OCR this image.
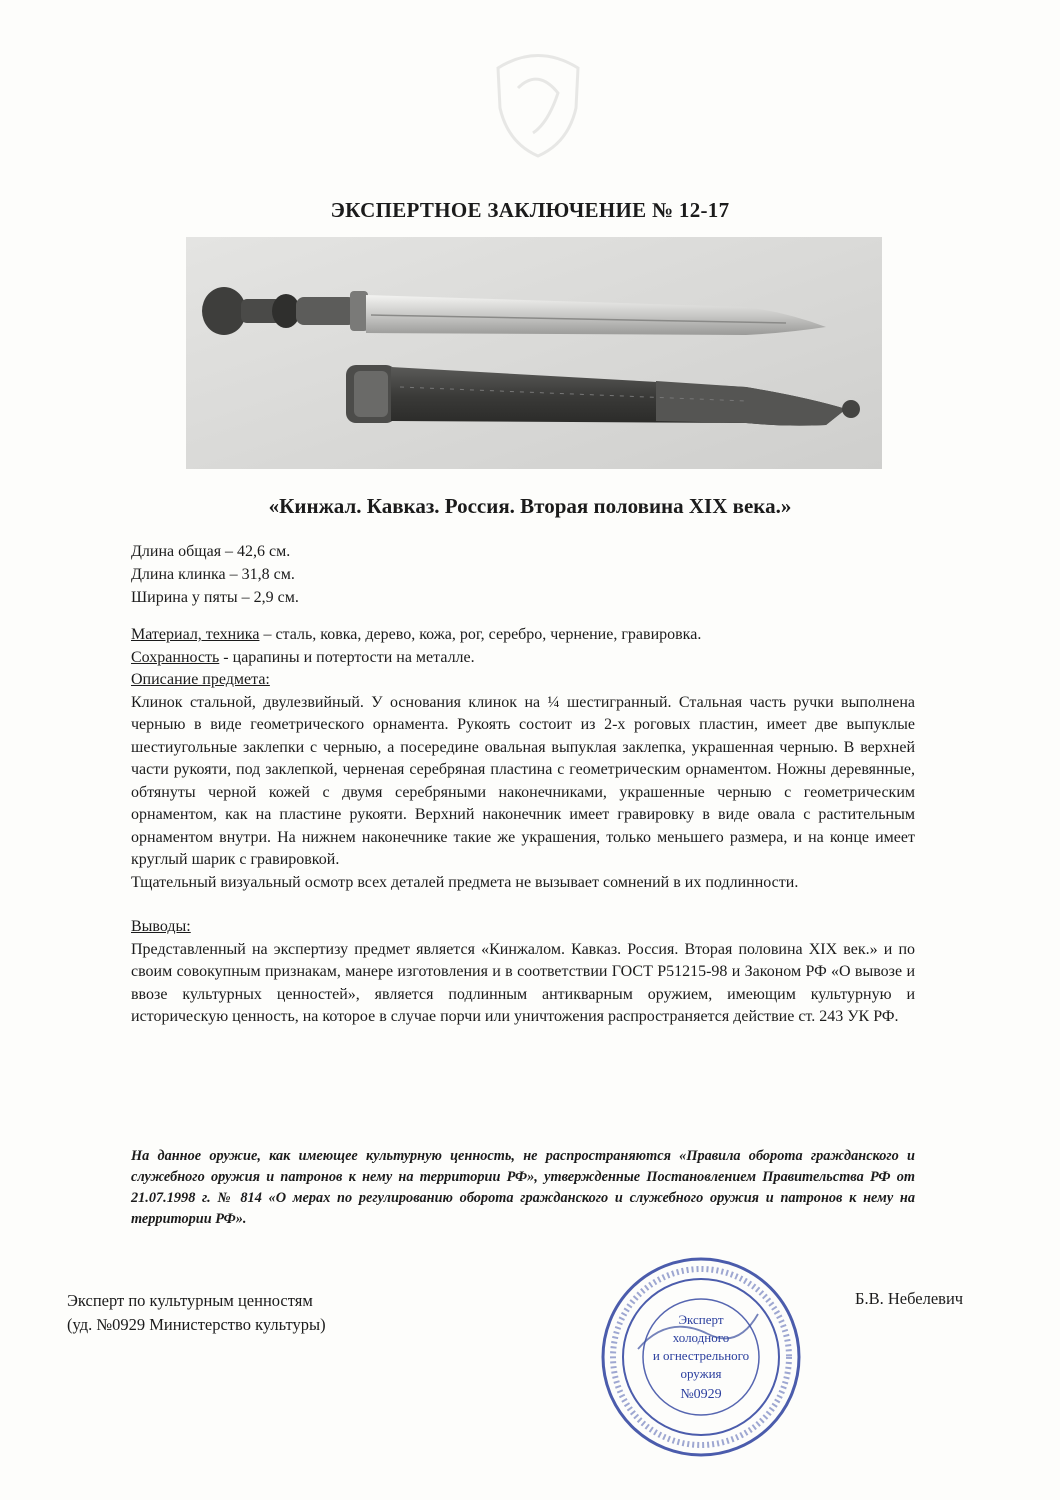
ЭКСПЕРТНОЕ ЗАКЛЮЧЕНИЕ № 12-17
«Кинжал. Кавказ. Россия. Вторая половина XIX века.»
Длина общая – 42,6 см.
Длина клинка – 31,8 см.
Ширина у пяты – 2,9 см.

Материал, техника – сталь, ковка, дерево, кожа, рог, серебро, чернение, гравировка.

Сохранность - царапины и потертости на металле.

Описание предмета:

Клинок стальной, двулезвийный. У основания клинок на ¼ шестигранный. Стальная часть ручки выполнена черныю в виде геометрического орнамента. Рукоять состоит из 2-х роговых пластин, имеет две выпуклые шестиугольные заклепки с черныю, а посередине овальная выпуклая заклепка, украшенная черныю. В верхней части рукояти, под заклепкой, черненая серебряная пластина с геометрическим орнаментом. Ножны деревянные, обтянуты черной кожей с двумя серебряными наконечниками, украшенные черныю с геометрическим орнаментом, как на пластине рукояти. Верхний наконечник имеет гравировку в виде овала с растительным орнаментом внутри. На нижнем наконечнике такие же украшения, только меньшего размера, и на конце имеет круглый шарик с гравировкой.

Тщательный визуальный осмотр всех деталей предмета не вызывает сомнений в их подлинности.

Выводы:

Представленный на экспертизу предмет является «Кинжалом. Кавказ. Россия. Вторая половина XIX век.» и по своим совокупным признакам, манере изготовления и в соответствии ГОСТ Р51215-98 и Законом РФ «О вывозе и ввозе культурных ценностей», является подлинным антикварным оружием, имеющим культурную и историческую ценность, на которое в случае порчи или уничтожения распространяется действие ст. 243 УК РФ.

На данное оружие, как имеющее культурную ценность, не распространяются «Правила оборота гражданского и служебного оружия и патронов к нему на территории РФ», утвержденные Постановлением Правительства РФ от 21.07.1998 г. № 814 «О мерах по регулированию оборота гражданского и служебного оружия и патронов к нему на территории РФ».
Эксперт по культурным ценностям
(уд. №0929 Министерство культуры)	Эксперт
холодного
и огнестрельного
оружия
№0929
Б.В. Небелевич
